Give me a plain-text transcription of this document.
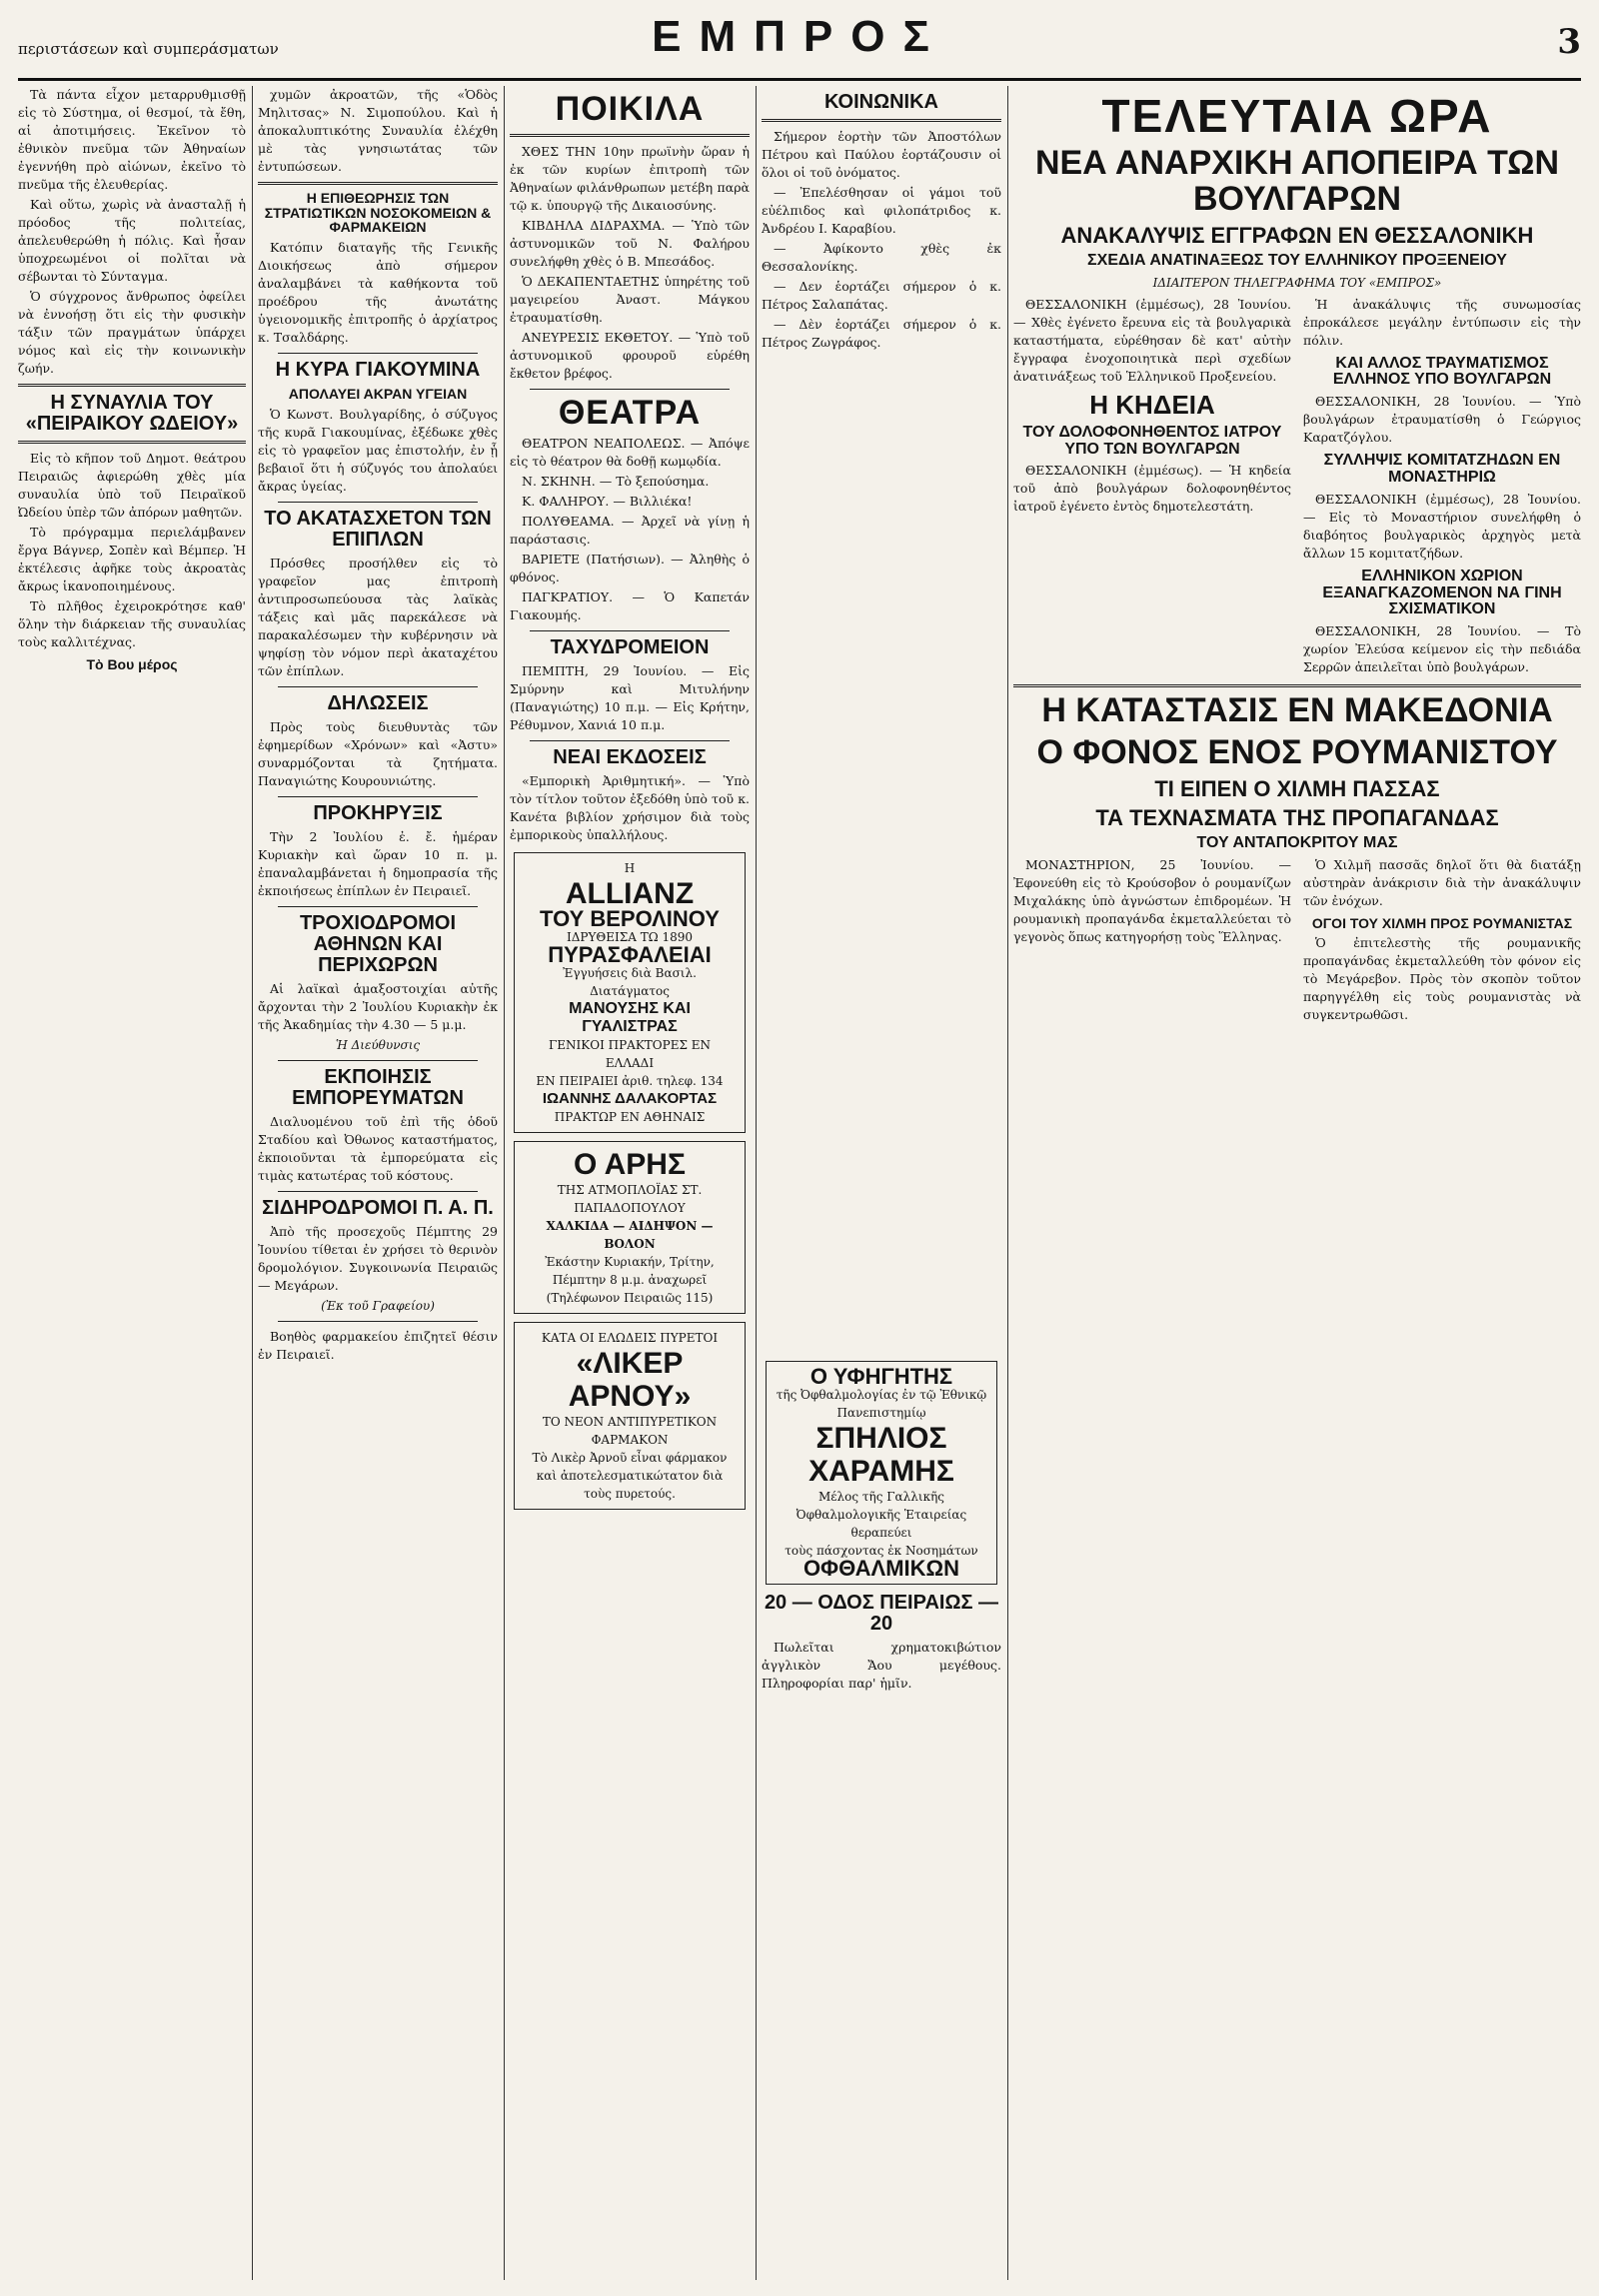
περιστάσεων καὶ συμπεράσματων	ΕΜΠΡΟΣ	3

Τὰ πάντα εἶχον μεταρρυθμισθῇ εἰς τὸ Σύστημα, οἱ θεσμοί, τὰ ἔθη, αἱ ἀποτιμήσεις. Ἐκεῖνον τὸ ἐθνικὸν πνεῦμα τῶν Ἀθηναίων ἐγεννήθη πρὸ αἰώνων, ἐκεῖνο τὸ πνεῦμα τῆς ἐλευθερίας.

Καὶ οὕτω, χωρὶς νὰ ἀνασταλῇ ἡ πρόοδος τῆς πολιτείας, ἀπελευθερώθη ἡ πόλις. Καὶ ἦσαν ὑποχρεωμένοι οἱ πολῖται νὰ σέβωνται τὸ Σύνταγμα.

Ὁ σύγχρονος ἄνθρωπος ὀφείλει νὰ ἐννοήσῃ ὅτι εἰς τὴν φυσικὴν τάξιν τῶν πραγμάτων ὑπάρχει νόμος καὶ εἰς τὴν κοινωνικὴν ζωήν.

Η ΣΥΝΑΥΛΙΑ ΤΟΥ «ΠΕΙΡΑΙΚΟΥ ΩΔΕΙΟΥ»

Εἰς τὸ κῆπον τοῦ Δημοτ. θεάτρου Πειραιῶς ἀφιερώθη χθὲς μία συναυλία ὑπὸ τοῦ Πειραϊκοῦ Ὠδείου ὑπὲρ τῶν ἀπόρων μαθητῶν.

Τὸ πρόγραμμα περιελάμβανεν ἔργα Βάγνερ, Σοπὲν καὶ Βέμπερ. Ἡ ἐκτέλεσις ἀφῆκε τοὺς ἀκροατὰς ἄκρως ἱκανοποιημένους.

Τὸ πλῆθος ἐχειροκρότησε καθ' ὅλην τὴν διάρκειαν τῆς συναυλίας τοὺς καλλιτέχνας.

Τὸ Βου μέρος

χυμῶν ἀκροατῶν, τῆς «Ὁδὸς Μηλιτσας» Ν. Σιμοπούλου. Καὶ ἡ ἀποκαλυπτικότης Συναυλία ἐλέχθη μὲ τὰς γνησιωτάτας τῶν ἐντυπώσεων.

Η ΕΠΙΘΕΩΡΗΣΙΣ ΤΩΝ ΣΤΡΑΤΙΩΤΙΚΩΝ ΝΟΣΟΚΟΜΕΙΩΝ & ΦΑΡΜΑΚΕΙΩΝ

Κατόπιν διαταγῆς τῆς Γενικῆς Διοικήσεως ἀπὸ σήμερον ἀναλαμβάνει τὰ καθήκοντα τοῦ προέδρου τῆς ἀνωτάτης ὑγειονομικῆς ἐπιτροπῆς ὁ ἀρχίατρος κ. Τσαλδάρης.

Η ΚΥΡΑ ΓΙΑΚΟΥΜΙΝΑ
ΑΠΟΛΑΥΕΙ ΑΚΡΑΝ ΥΓΕΙΑΝ

Ὁ Κωνστ. Βουλγαρίδης, ὁ σύζυγος τῆς κυρᾶ Γιακουμίνας, ἐξέδωκε χθὲς εἰς τὸ γραφεῖον μας ἐπιστολήν, ἐν ᾗ βεβαιοῖ ὅτι ἡ σύζυγός του ἀπολαύει ἄκρας ὑγείας.

ΤΟ ΑΚΑΤΑΣΧΕΤΟΝ ΤΩΝ ΕΠΙΠΛΩΝ

Πρόσθες προσήλθεν εἰς τὸ γραφεῖον μας ἐπιτροπὴ ἀντιπροσωπεύουσα τὰς λαϊκὰς τάξεις καὶ μᾶς παρεκάλεσε νὰ παρακαλέσωμεν τὴν κυβέρνησιν νὰ ψηφίσῃ τὸν νόμον περὶ ἀκαταχέτου τῶν ἐπίπλων.

ΔΗΛΩΣΕΙΣ

Πρὸς τοὺς διευθυντὰς τῶν ἐφημερίδων «Χρόνων» καὶ «Ἀστυ» συναρμόζονται τὰ ζητήματα. Παναγιώτης Κουρουνιώτης.

ΠΡΟΚΗΡΥΞΙΣ

Τὴν 2 Ἰουλίου ἐ. ἔ. ἡμέραν Κυριακὴν καὶ ὥραν 10 π. μ. ἐπαναλαμβάνεται ἡ δημοπρασία τῆς ἐκποιήσεως ἐπίπλων ἐν Πειραιεῖ.

ΤΡΟΧΙΟΔΡΟΜΟΙ ΑΘΗΝΩΝ ΚΑΙ ΠΕΡΙΧΩΡΩΝ

Αἱ λαϊκαὶ ἁμαξοστοιχίαι αὐτῆς ἄρχονται τὴν 2 Ἰουλίου Κυριακὴν ἐκ τῆς Ἀκαδημίας τὴν 4.30 — 5 μ.μ.

Ἡ Διεύθυνσις
ΕΚΠΟΙΗΣΙΣ ΕΜΠΟΡΕΥΜΑΤΩΝ

Διαλυομένου τοῦ ἐπὶ τῆς ὁδοῦ Σταδίου καὶ Ὀθωνος καταστήματος, ἐκποιοῦνται τὰ ἐμπορεύματα εἰς τιμὰς κατωτέρας τοῦ κόστους.

ΣΙΔΗΡΟΔΡΟΜΟΙ Π. Α. Π.

Ἀπὸ τῆς προσεχοῦς Πέμπτης 29 Ἰουνίου τίθεται ἐν χρήσει τὸ θερινὸν δρομολόγιον. Συγκοινωνία Πειραιῶς — Μεγάρων.

(Ἐκ τοῦ Γραφείου)

Βοηθὸς φαρμακείου ἐπιζητεῖ θέσιν ἐν Πειραιεῖ.

ΠΟΙΚΙΛΑ

ΧΘΕΣ ΤΗΝ 10ην πρωϊνὴν ὥραν ἡ ἐκ τῶν κυρίων ἐπιτροπὴ τῶν Ἀθηναίων φιλάνθρωπων μετέβη παρὰ τῷ κ. ὑπουργῷ τῆς Δικαιοσύνης.

ΚΙΒΔΗΛΑ ΔΙΔΡΑΧΜΑ. — Ὑπὸ τῶν ἀστυνομικῶν τοῦ Ν. Φαλήρου συνελήφθη χθὲς ὁ Β. Μπεσάδος.

Ὁ ΔΕΚΑΠΕΝΤΑΕΤΗΣ ὑπηρέτης τοῦ μαγειρείου Ἀναστ. Μάγκου ἐτραυματίσθη.

ΑΝΕΥΡΕΣΙΣ ΕΚΘΕΤΟΥ. — Ὑπὸ τοῦ ἀστυνομικοῦ φρουροῦ εὑρέθη ἔκθετον βρέφος.

ΘΕΑΤΡΑ

ΘΕΑΤΡΟΝ ΝΕΑΠΟΛΕΩΣ. — Ἀπόψε εἰς τὸ θέατρον θὰ δοθῇ κωμῳδία.

Ν. ΣΚΗΝΗ. — Τὸ ξεπούσημα.

Κ. ΦΑΛΗΡΟΥ. — Βιλλιέκα!

ΠΟΛΥΘΕΑΜΑ. — Ἀρχεῖ νὰ γίνῃ ἡ παράστασις.

ΒΑΡΙΕΤΕ (Πατήσιων). — Ἀληθὴς ὁ φθόνος.

ΠΑΓΚΡΑΤΙΟΥ. — Ὁ Καπετάν Γιακουμής.

ΤΑΧΥΔΡΟΜΕΙΟΝ

ΠΕΜΠΤΗ, 29 Ἰουνίου. — Εἰς Σμύρνην καὶ Μιτυλήνην (Παναγιώτης) 10 π.μ. — Εἰς Κρήτην, Ρέθυμνον, Χανιά 10 π.μ.

ΝΕΑΙ ΕΚΔΟΣΕΙΣ

«Εμπορικὴ Ἀριθμητική». — Ὑπὸ τὸν τίτλον τοῦτον ἐξεδόθη ὑπὸ τοῦ κ. Κανέτα βιβλίον χρήσιμον διὰ τοὺς ἐμπορικοὺς ὑπαλλήλους.

Η
ALLIANZ
ΤΟΥ ΒΕΡΟΛΙΝΟΥ
ΙΔΡΥΘΕΙΣΑ ΤΩ 1890
ΠΥΡΑΣΦΑΛΕΙΑΙ
Ἐγγυήσεις διὰ Βασιλ. Διατάγματος
ΜΑΝΟΥΣΗΣ ΚΑΙ ΓΥΑΛΙΣΤΡΑΣ
ΓΕΝΙΚΟΙ ΠΡΑΚΤΟΡΕΣ ΕΝ ΕΛΛΑΔΙ
ΕΝ ΠΕΙΡΑΙΕΙ ἀριθ. τηλεφ. 134
ΙΩΑΝΝΗΣ ΔΑΛΑΚΟΡΤΑΣ
ΠΡΑΚΤΩΡ ΕΝ ΑΘΗΝΑΙΣ
Ο ΑΡΗΣ
ΤΗΣ ΑΤΜΟΠΛΟΪΑΣ ΣΤ. ΠΑΠΑΔΟΠΟΥΛΟΥ
ΧΑΛΚΙΔΑ — ΑΙΔΗΨΟΝ — ΒΟΛΟΝ
Ἐκάστην Κυριακήν, Τρίτην, Πέμπτην 8 μ.μ. ἀναχωρεῖ
(Τηλέφωνον Πειραιῶς 115)
ΚΑΤΑ ΟΙ ΕΛΩΔΕΙΣ ΠΥΡΕΤΟΙ
«ΛΙΚΕΡ ΑΡΝΟΥ»
ΤΟ ΝΕΟΝ ΑΝΤΙΠΥΡΕΤΙΚΟΝ ΦΑΡΜΑΚΟΝ
Τὸ Λικὲρ Ἀρνοῦ εἶναι φάρμακον καὶ ἀποτελεσματικώτατον διὰ τοὺς πυρετούς.
ΚΟΙΝΩΝΙΚΑ

Σήμερον ἑορτὴν τῶν Ἀποστόλων Πέτρου καὶ Παύλου ἑορτάζουσιν οἱ ὅλοι οἱ τοῦ ὀνόματος.

— Ἐπελέσθησαν οἱ γάμοι τοῦ εὐέλπιδος καὶ φιλοπάτριδος κ. Ἀνδρέου Ι. Καραβίου.

— Ἀφίκοντο χθὲς ἐκ Θεσσαλονίκης.

— Δεν ἑορτάζει σήμερον ὁ κ. Πέτρος Σαλαπάτας.

— Δὲν ἑορτάζει σήμερον ὁ κ. Πέτρος Ζωγράφος.

Ο ΥΦΗΓΗΤΗΣ
τῆς Ὀφθαλμολογίας ἐν τῷ Ἐθνικῷ Πανεπιστημίῳ
ΣΠΗΛΙΟΣ
ΧΑΡΑΜΗΣ
Μέλος τῆς Γαλλικῆς Ὀφθαλμολογικῆς Ἑταιρείας
θεραπεύει
τοὺς πάσχοντας ἐκ Νοσημάτων
ΟΦΘΑΛΜΙΚΩΝ
20 — ΟΔΟΣ ΠΕΙΡΑΙΩΣ — 20

Πωλεῖται χρηματοκιβώτιον ἀγγλικὸν Ἄου μεγέθους. Πληροφορίαι παρ' ἡμῖν.

ΤΕΛΕΥΤΑΙΑ ΩΡΑ
ΝΕΑ ΑΝΑΡΧΙΚΗ ΑΠΟΠΕΙΡΑ ΤΩΝ ΒΟΥΛΓΑΡΩΝ
ΑΝΑΚΑΛΥΨΙΣ ΕΓΓΡΑΦΩΝ ΕΝ ΘΕΣΣΑΛΟΝΙΚΗ
ΣΧΕΔΙΑ ΑΝΑΤΙΝΑΞΕΩΣ ΤΟΥ ΕΛΛΗΝΙΚΟΥ ΠΡΟΞΕΝΕΙΟΥ
ΙΔΙΑΙΤΕΡΟΝ ΤΗΛΕΓΡΑΦΗΜΑ ΤΟΥ «ΕΜΠΡΟΣ»

ΘΕΣΣΑΛΟΝΙΚΗ (ἐμμέσως), 28 Ἰουνίου. — Χθὲς ἐγένετο ἔρευνα εἰς τὰ βουλγαρικὰ καταστήματα, εὑρέθησαν δὲ κατ' αὐτὴν ἔγγραφα ἐνοχοποιητικὰ περὶ σχεδίων ἀνατινάξεως τοῦ Ἑλληνικοῦ Προξενείου.

Η ΚΗΔΕΙΑ
ΤΟΥ ΔΟΛΟΦΟΝΗΘΕΝΤΟΣ ΙΑΤΡΟΥ ΥΠΟ ΤΩΝ ΒΟΥΛΓΑΡΩΝ

ΘΕΣΣΑΛΟΝΙΚΗ (ἐμμέσως). — Ἡ κηδεία τοῦ ἀπὸ βουλγάρων δολοφονηθέντος ἰατροῦ ἐγένετο ἐντὸς δημοτελεστάτη.

Ἡ ἀνακάλυψις τῆς συνωμοσίας ἐπροκάλεσε μεγάλην ἐντύπωσιν εἰς τὴν πόλιν.

ΚΑΙ ΑΛΛΟΣ ΤΡΑΥΜΑΤΙΣΜΟΣ ΕΛΛΗΝΟΣ ΥΠΟ ΒΟΥΛΓΑΡΩΝ

ΘΕΣΣΑΛΟΝΙΚΗ, 28 Ἰουνίου. — Ὑπὸ βουλγάρων ἐτραυματίσθη ὁ Γεώργιος Καρατζόγλου.

ΣΥΛΛΗΨΙΣ ΚΟΜΙΤΑΤΖΗΔΩΝ ΕΝ ΜΟΝΑΣΤΗΡΙΩ

ΘΕΣΣΑΛΟΝΙΚΗ (ἐμμέσως), 28 Ἰουνίου. — Εἰς τὸ Μοναστήριον συνελήφθη ὁ διαβόητος βουλγαρικὸς ἀρχηγὸς μετὰ ἄλλων 15 κομιτατζήδων.

ΕΛΛΗΝΙΚΟΝ ΧΩΡΙΟΝ ΕΞΑΝΑΓΚΑΖΟΜΕΝΟΝ ΝΑ ΓΙΝΗ ΣΧΙΣΜΑΤΙΚΟΝ

ΘΕΣΣΑΛΟΝΙΚΗ, 28 Ἰουνίου. — Τὸ χωρίον Ἐλεύσα κείμενον εἰς τὴν πεδιάδα Σερρῶν ἀπειλεῖται ὑπὸ βουλγάρων.

Η ΚΑΤΑΣΤΑΣΙΣ ΕΝ ΜΑΚΕΔΟΝΙΑ
Ο ΦΟΝΟΣ ΕΝΟΣ ΡΟΥΜΑΝΙΣΤΟΥ
ΤΙ ΕΙΠΕΝ Ο ΧΙΛΜΗ ΠΑΣΣΑΣ
ΤΑ ΤΕΧΝΑΣΜΑΤΑ ΤΗΣ ΠΡΟΠΑΓΑΝΔΑΣ
ΤΟΥ ΑΝΤΑΠΟΚΡΙΤΟΥ ΜΑΣ

ΜΟΝΑΣΤΗΡΙΟΝ, 25 Ἰουνίου. — Ἐφονεύθη εἰς τὸ Κρούσοβον ὁ ρουμανίζων Μιχαλάκης ὑπὸ ἀγνώστων ἐπιδρομέων. Ἡ ρουμανικὴ προπαγάνδα ἐκμεταλλεύεται τὸ γεγονὸς ὅπως κατηγορήσῃ τοὺς Ἕλληνας.

Ὁ Χιλμῆ πασσᾶς δηλοῖ ὅτι θὰ διατάξῃ αὐστηρὰν ἀνάκρισιν διὰ τὴν ἀνακάλυψιν τῶν ἐνόχων.

ΟΓΟΙ ΤΟΥ ΧΙΛΜΗ ΠΡΟΣ ΡΟΥΜΑΝΙΣΤΑΣ

Ὁ ἐπιτελεστὴς τῆς ρουμανικῆς προπαγάνδας ἐκμεταλλεύθη τὸν φόνον εἰς τὸ Μεγάρεβον. Πρὸς τὸν σκοπὸν τοῦτον παρηγγέλθη εἰς τοὺς ρουμανιστὰς νὰ συγκεντρωθῶσι.
